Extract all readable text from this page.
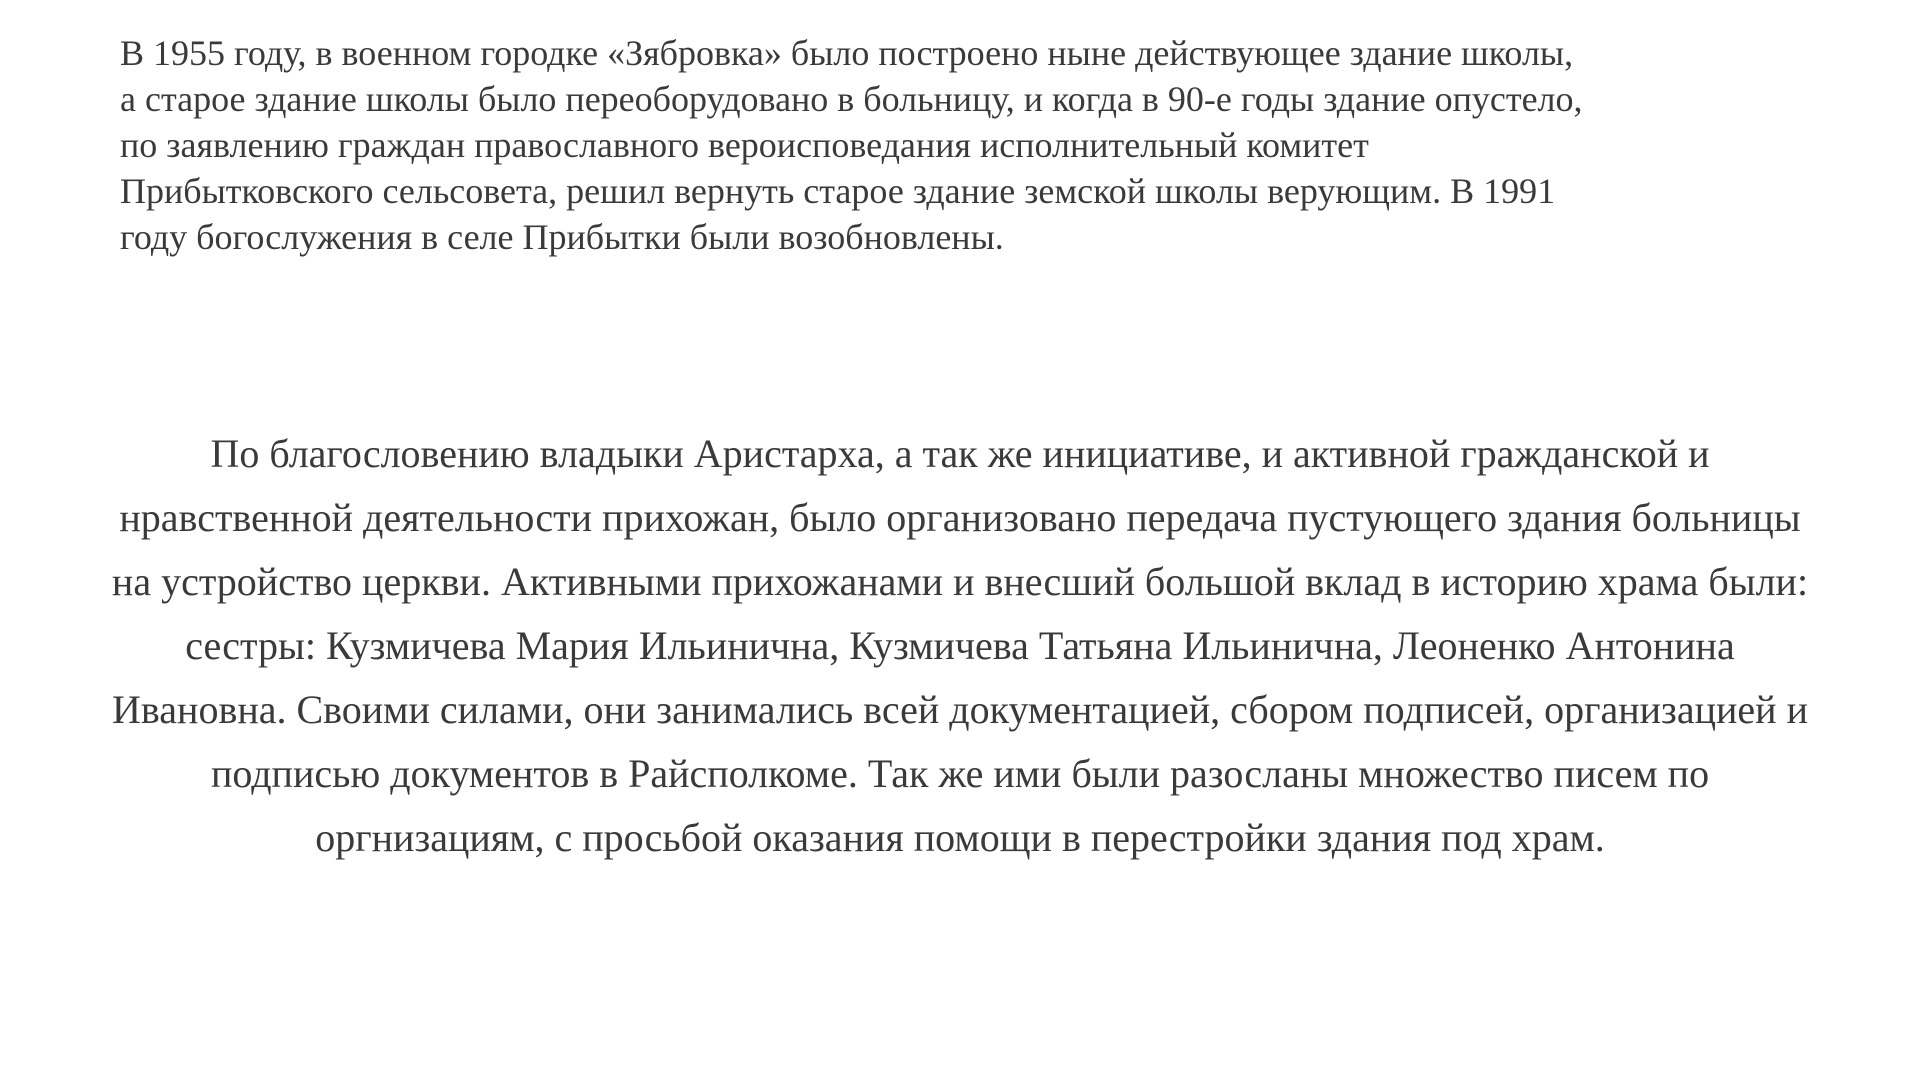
В 1955 году, в военном городке «Зябровка» было построено ныне действующее здание школы,
а старое здание школы было переоборудовано в больницу, и когда в 90-е годы здание опустело,
по заявлению граждан православного вероисповедания исполнительный комитет
Прибытковского сельсовета, решил вернуть старое здание земской школы верующим. В 1991
году богослужения в селе Прибытки были возобновлены.

По благословению владыки Аристарха, а так же инициативе, и активной гражданской и
нравственной деятельности прихожан, было организовано передача пустующего здания больницы
на устройство церкви. Активными прихожанами и внесший большой вклад в историю храма были:
сестры: Кузмичева Мария Ильинична, Кузмичева Татьяна Ильинична, Леоненко Антонина
Ивановна. Своими силами, они занимались всей документацией, сбором подписей, организацией и
подписью документов в Райсполкоме. Так же ими были разосланы множество писем по
оргнизациям, с просьбой оказания помощи в перестройки здания под храм.
